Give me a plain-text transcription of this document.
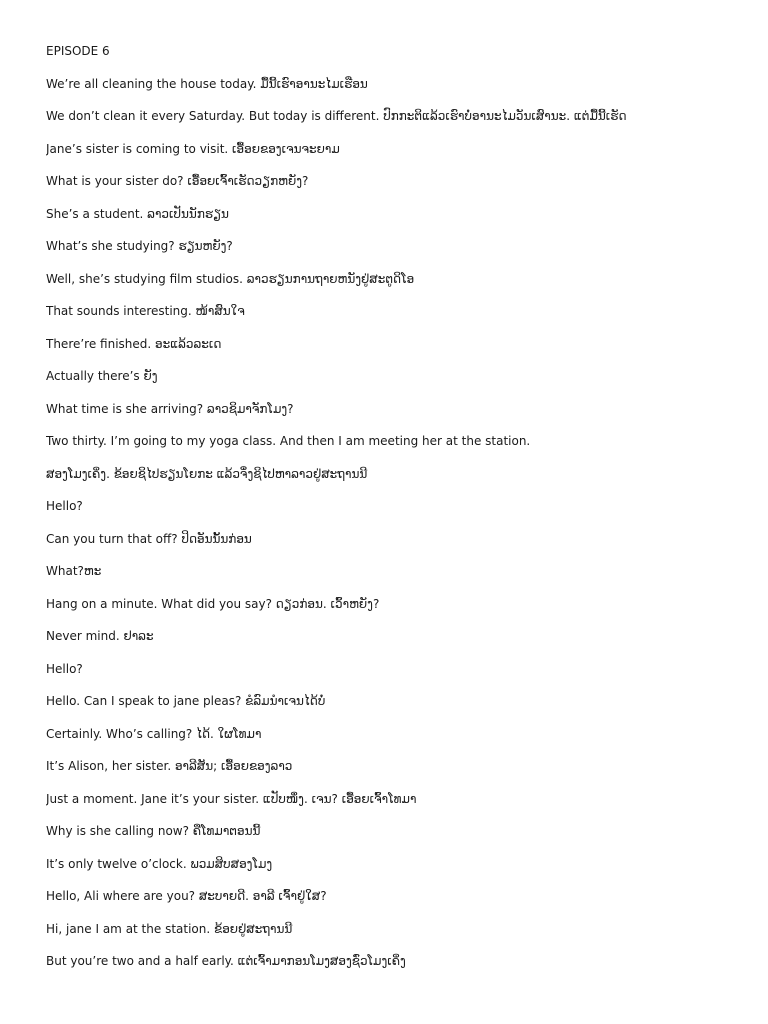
EPISODE 6
We’re all cleaning the house today. ມື້ນີ້ເຮົາອານະໄມເຮືອນ
We don’t clean it every Saturday. But today is different. ປົກກະຕິແລ້ວເຮົາບໍ່ອານະໄມວັນເສົານະ. ແຕ່ມື້ນີ້ເຮັດ
Jane’s sister is coming to visit. ເອື້ອຍຂອງເຈນຈະຍາມ
What is your sister do? ເອື້ອຍເຈົ້າເຮັດວຽກຫຍັງ?
She’s a student. ລາວເປັນນັກຮຽນ
What’s she studying? ຮຽນຫຍັງ?
Well, she’s studying film studios. ລາວຮຽນການຖາຍຫນັງຢູ່ສະຕູດິໂອ
That sounds interesting. ໜ້າສົນໃຈ
There’re finished. ອະແລ້ວລະເດ
Actually there’s ຍັງ
What time is she arriving? ລາວຊິມາຈັກໂມງ?
Two thirty. I’m going to my yoga class. And then I am meeting her at the station.
ສອງໂມງເຄິ່ງ. ຂ້ອຍຊິໄປຮຽນໂຍກະ ແລ້ວຈຶ່ງຊິໄປຫາລາວຢູ່ສະຖານນີ
Hello?
Can you turn that off? ປິດອັນນັ້ນກ່ອນ
What?ຫະ
Hang on a minute. What did you say? ດຽວກ່ອນ. ເວົ້າຫຍັງ?
Never mind. ຢາລະ
Hello?
Hello. Can I speak to jane pleas? ຂໍລົມນຳເຈນໄດ້ບໍ່
Certainly. Who’s calling? ໄດ້. ໃຜໂທມາ
It’s Alison, her sister. ອາລີສັນ; ເອື້ອຍຂອງລາວ
Just a moment. Jane it’s your sister. ແປັບໜຶ່ງ. ເຈນ? ເອື້ອຍເຈົ້າໂທມາ
Why is she calling now? ຄືໂທມາຕອນນີ້
It’s only twelve o’clock. ພວມສິບສອງໂມງ
Hello, Ali where are you? ສະບາຍດີ. ອາລີ ເຈົ້າຢູ່ໃສ?
Hi, jane I am at the station. ຂ້ອຍຢູ່ສະຖານນີ
But you’re two and a half early. ແຕ່ເຈົ້າມາກອນໂມງສອງຊົ່ວໂມງເຄິ່ງ
